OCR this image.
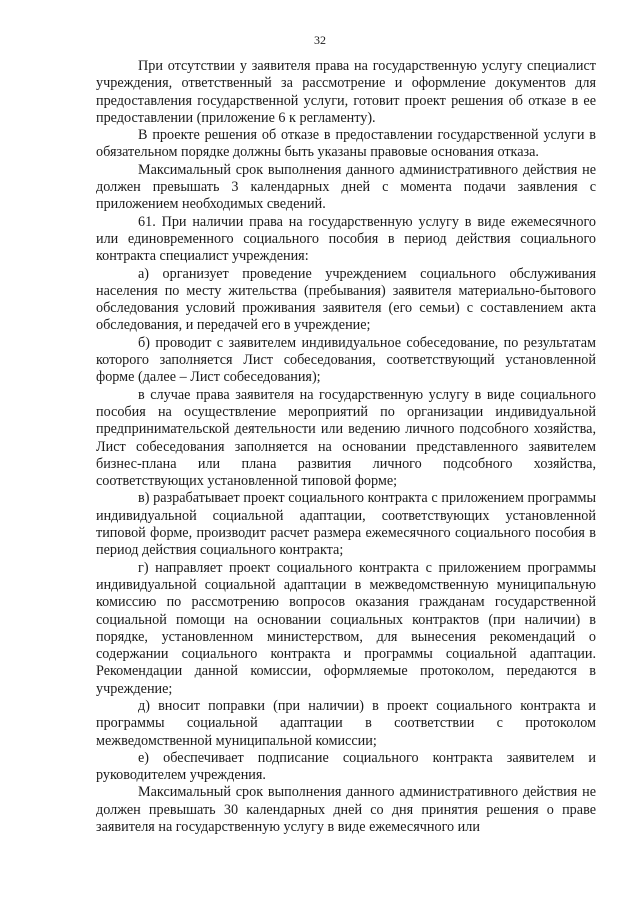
32

При отсутствии у заявителя права на государственную услугу специалист учреждения, ответственный за рассмотрение и оформление документов для предоставления государственной услуги, готовит проект решения об отказе в ее предоставлении (приложение 6 к регламенту).

В проекте решения об отказе в предоставлении государственной услуги в обязательном порядке должны быть указаны правовые основания отказа.

Максимальный срок выполнения данного административного действия не должен превышать 3 календарных дней с момента подачи заявления с приложением необходимых сведений.

61. При наличии права на государственную услугу в виде ежемесячного или единовременного социального пособия в период действия социального контракта специалист учреждения:

а) организует проведение учреждением социального обслуживания населения по месту жительства (пребывания) заявителя материально-бытового обследования условий проживания заявителя (его семьи) с составлением акта обследования, и передачей его в учреждение;

б) проводит с заявителем индивидуальное собеседование, по результатам которого заполняется Лист собеседования, соответствующий установленной форме (далее – Лист собеседования);

в случае права заявителя на государственную услугу в виде социального пособия на осуществление мероприятий по организации индивидуальной предпринимательской деятельности или ведению личного подсобного хозяйства, Лист собеседования заполняется на основании представленного заявителем бизнес-плана или плана развития личного подсобного хозяйства, соответствующих установленной типовой форме;

в) разрабатывает проект социального контракта с приложением программы индивидуальной социальной адаптации, соответствующих установленной типовой форме, производит расчет размера ежемесячного социального пособия в период действия социального контракта;

г) направляет проект социального контракта с приложением программы индивидуальной социальной адаптации в межведомственную муниципальную комиссию по рассмотрению вопросов оказания гражданам государственной социальной помощи на основании социальных контрактов (при наличии) в порядке, установленном министерством, для вынесения рекомендаций о содержании социального контракта и программы социальной адаптации. Рекомендации данной комиссии, оформляемые протоколом, передаются в учреждение;

д) вносит поправки (при наличии) в проект социального контракта и программы социальной адаптации в соответствии с протоколом межведомственной муниципальной комиссии;

е) обеспечивает подписание социального контракта заявителем и руководителем учреждения.

Максимальный срок выполнения данного административного действия не должен превышать 30 календарных дней со дня принятия решения о праве заявителя на государственную услугу в виде ежемесячного или
